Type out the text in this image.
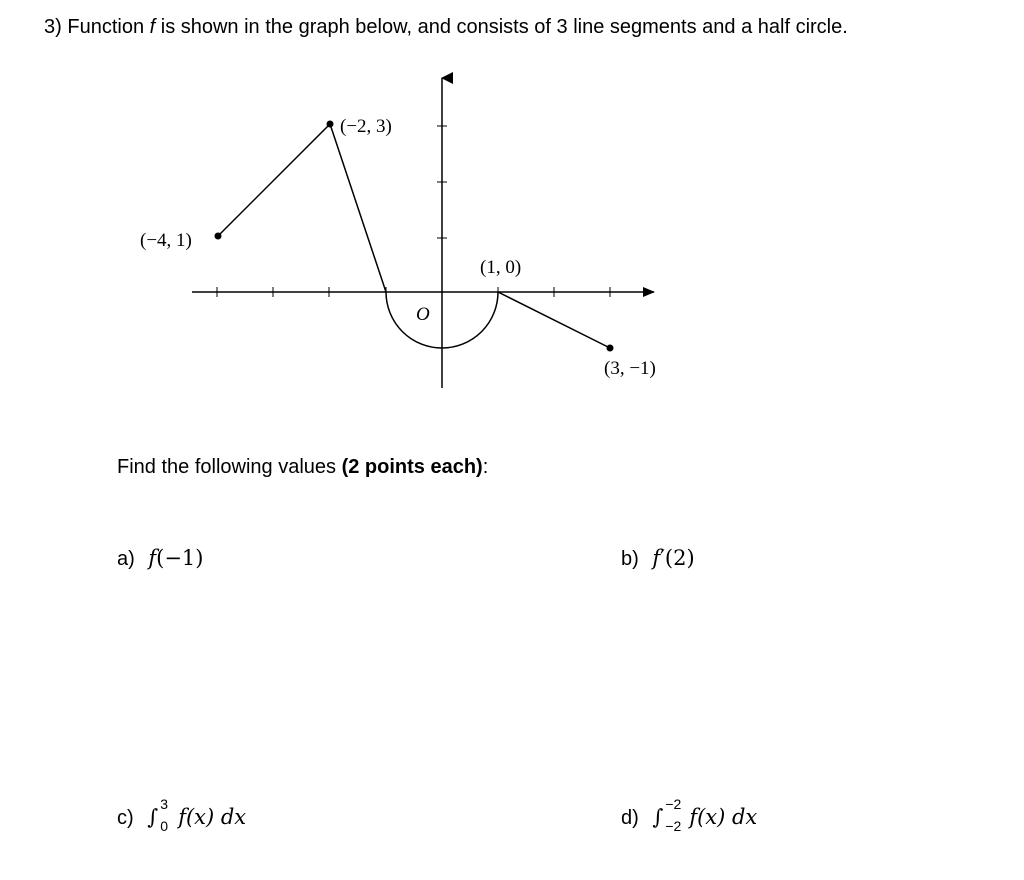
3) Function f is shown in the graph below, and consists of 3 line segments and a half circle.
(−4, 1)
(−2, 3)
(1, 0)
(3, −1)
O
Find the following values (2 points each):
a) f(−1)	b) f′(2)
c) ∫
3
0 f(x) dx	d) ∫
−2
−2 f(x) dx
